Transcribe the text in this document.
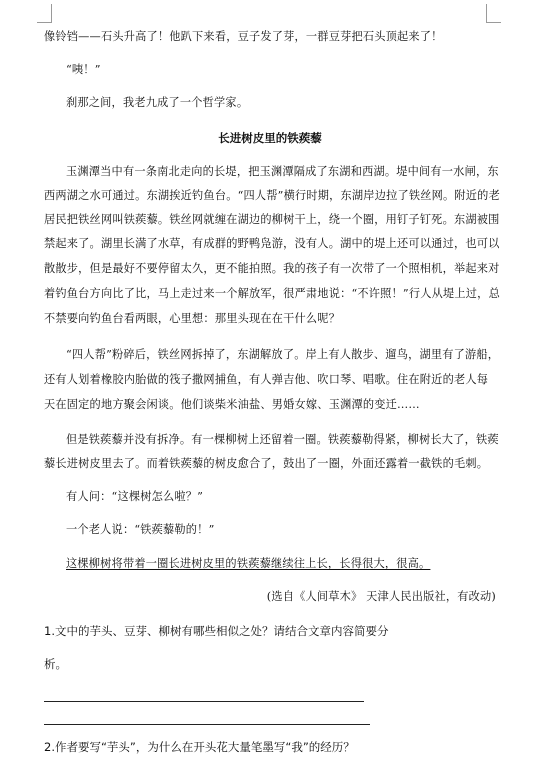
像铃铛——石头升高了！他趴下来看，豆子发了芽，一群豆芽把石头顶起来了！
“咦！”
刹那之间，我老九成了一个哲学家。
长进树皮里的铁蒺藜
玉渊潭当中有一条南北走向的长堤，把玉渊潭隔成了东湖和西湖。堤中间有一水闸，东
西两湖之水可通过。东湖挨近钓鱼台。“四人帮”横行时期，东湖岸边拉了铁丝网。附近的老
居民把铁丝网叫铁蒺藜。铁丝网就缠在湖边的柳树干上，绕一个圈，用钉子钉死。东湖被围
禁起来了。湖里长满了水草，有成群的野鸭凫游，没有人。湖中的堤上还可以通过，也可以
散散步，但是最好不要停留太久，更不能拍照。我的孩子有一次带了一个照相机，举起来对
着钓鱼台方向比了比，马上走过来一个解放军，很严肃地说：“不许照！”行人从堤上过，总
不禁要向钓鱼台看两眼，心里想：那里头现在在干什么呢？
“四人帮”粉碎后，铁丝网拆掉了，东湖解放了。岸上有人散步、遛鸟，湖里有了游船，
还有人划着橡胶内胎做的筏子撒网捕鱼，有人弹吉他、吹口琴、唱歌。住在附近的老人每
天在固定的地方聚会闲谈。他们谈柴米油盐、男婚女嫁、玉渊潭的变迁……
但是铁蒺藜并没有拆净。有一棵柳树上还留着一圈。铁蒺藜勒得紧，柳树长大了，铁蒺
藜长进树皮里去了。而着铁蒺藜的树皮愈合了，鼓出了一圈，外面还露着一截铁的毛刺。
有人问：“这棵树怎么啦？”
一个老人说：“铁蒺藜勒的！”
这棵柳树将带着一圈长进树皮里的铁蒺藜继续往上长，长得很大，很高。
(选自《人间草木》 天津人民出版社，有改动)
1.文中的芋头、豆芽、柳树有哪些相似之处？请结合文章内容简要分
析。
2.作者要写“芋头”，为什么在开头花大量笔墨写“我”的经历？
